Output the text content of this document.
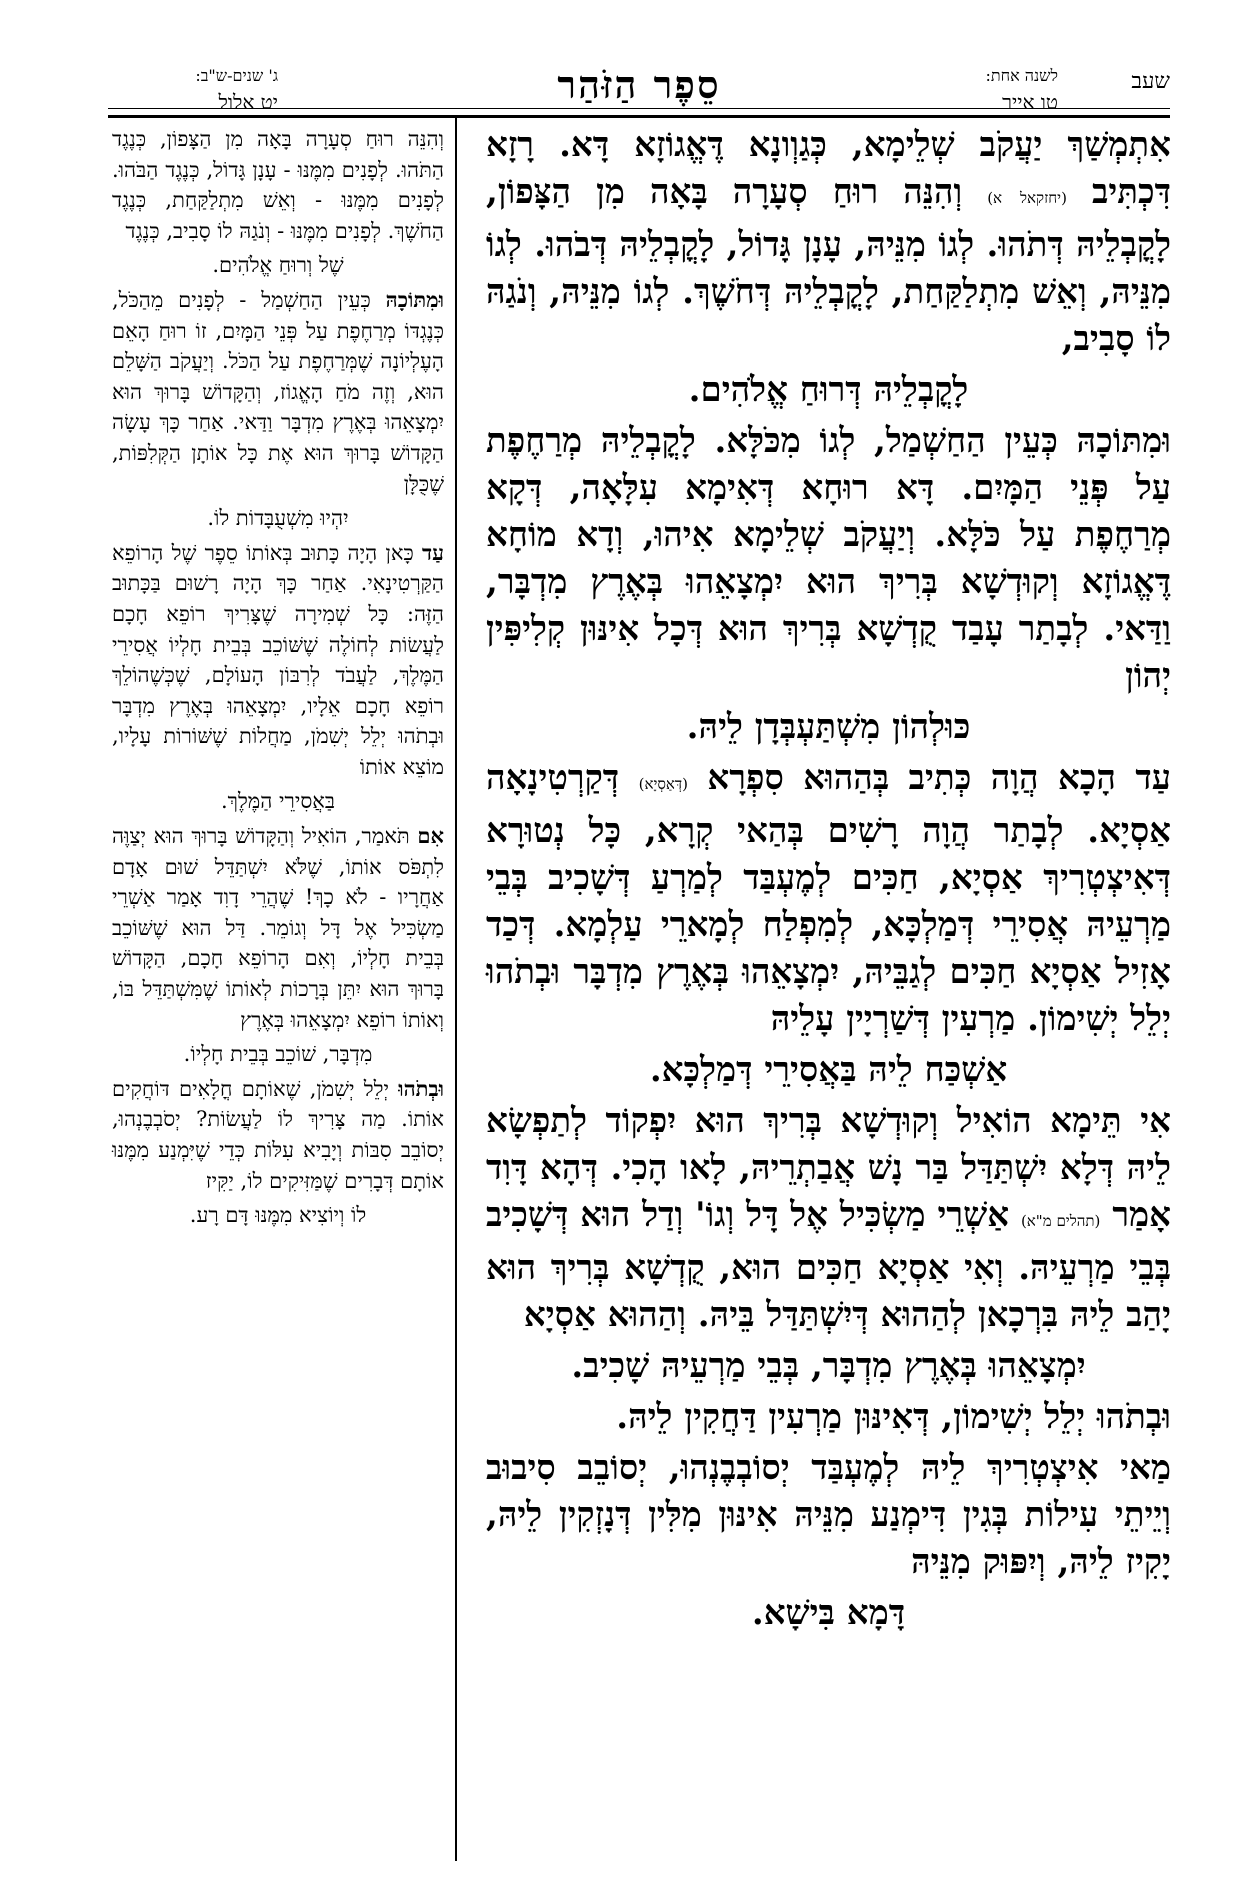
שעב
לשנה אחת:
טו אייר
סֵפֶר הַזֹּהַר
ג' שנים-ש"ב:
יט אלול

אִתְמְשַׁךְ יַעֲקֹב שְׁלֵימָא, כְּגַוְונָא דֶּאֱגוֹזָא דָּא. רָזָא דִּכְתִּיב (יחזקאל א) וְהִנֵּה רוּחַ סְעָרָה בָּאָה מִן הַצָּפוֹן, לָקֳבְלֵיהּ דְּתֹהוּ. לְגוֹ מִנֵּיהּ, עָנָן גָּדוֹל, לָקֳבְלֵיהּ דְּבֹהוּ. לְגוֹ מִנֵּיהּ, וְאֵשׁ מִתְלַקַּחַת, לָקֳבְלֵיהּ דְּחֹשֶׁךְ. לְגוֹ מִנֵּיהּ, וְנֹגַהּ לוֹ סָבִיב,

לָקֳבְלֵיהּ דְּרוּחַ אֱלֹהִים.

וּמִתּוֹכָהּ כְּעֵין הַחַשְׁמַל, לְגוֹ מִכֹּלָּא. לָקֳבְלֵיהּ מְרַחֶפֶת עַל פְּנֵי הַמָּיִם. דָּא רוּחָא דְּאִימָא עִלָּאָה, דְּקָא מְרַחֶפֶת עַל כֹּלָּא. וְיַעֲקֹב שְׁלֵימָא אִיהוּ, וְדָא מוֹחָא דֶּאֱגוֹזָא וְקוּדְשָׁא בְּרִיךְ הוּא יִמְצָאֵהוּ בְּאֶרֶץ מִדְבָּר, וַדַּאי. לְבָתַר עָבַד קֻדְשָׁא בְּרִיךְ הוּא דְּכָל אִינּוּן קְלִיפִּין יְהוֹן

כּוּלְהוֹן מִשְׁתַּעְבְּדָן לֵיהּ.

עַד הָכָא הֲוָה כְּתִיב בְּהַהוּא סִפְרָא (דְּאַסְיָא) דְּקַרְטִינָאָה אַסְיָא. לְבָתַר הֲוָה רָשִׁים בְּהַאי קְרָא, כָּל נְטוּרָא דְּאִיצְטְרִיךְ אַסְיָא, חַכִּים לְמֶעְבַּד לְמַרְעַ דְּשָׁכִיב בְּבֵי מַרְעֵיהּ אֲסִירֵי דְּמַלְכָּא, לְמִפְלַח לְמָארֵי עַלְמָא. דְּכַד אָזִיל אַסְיָא חַכִּים לְגַבֵּיהּ, יִמְצָאֵהוּ בְּאֶרֶץ מִדְבָּר וּבְתֹהוּ יְלֵל יְשִׁימוֹן. מַרְעִין דְּשַׁרְיָין עָלֵיהּ

אַשְׁכַּח לֵיהּ בַּאֲסִירֵי דְּמַלְכָּא.

אִי תֵּימָא הוֹאִיל וְקוּדְשָׁא בְּרִיךְ הוּא יִפְקוֹד לְתַפְשָׂא לֵיהּ דְּלָא יִשְׁתַּדַּל בַּר נָשׁ אֲבַתְרֵיהּ, לָאו הָכִי. דְּהָא דָּוִד אָמַר (תהלים מ"א) אַשְׁרֵי מַשְׂכִּיל אֶל דָּל וְגוֹ' וְדַל הוּא דְּשָׁכִיב בְּבֵי מַרְעֵיהּ. וְאִי אַסְיָא חַכִּים הוּא, קֻדְשָׁא בְּרִיךְ הוּא יָהַב לֵיהּ בִּרְכָאן לְהַהוּא דְּיִשְׁתַּדַּל בֵּיהּ. וְהַהוּא אַסְיָא

יִמְצָאֵהוּ בְּאֶרֶץ מִדְבָּר, בְּבֵי מַרְעֵיהּ שָׁכִיב.

וּבְתֹהוּ יְלֵל יְשִׁימוֹן, דְּאִינּוּן מַרְעִין דַּחֲקִין לֵיהּ.

מַאי אִיצְטְרִיךְ לֵיהּ לְמֶעְבַּד יְסוֹבְבֶנְהוּ, יְסוֹבֵב סִיבוּב וְיֵיתֵי עִילוֹת בְּגִין דִּימְנַע מִנֵּיהּ אִינּוּן מִלִּין דְּנָזְקִין לֵיהּ, יָקִיז לֵיהּ, וְיִפּוּק מִנֵּיהּ

דָּמָא בִּישָׁא.

וְהִנֵּה רוּחַ סְעָרָה בָּאָה מִן הַצָּפוֹן, כְּנֶגֶד הַתֹּהוּ. לְפָנִים מִמֶּנּוּ - עָנָן גָּדוֹל, כְּנֶגֶד הַבֹּהוּ. לְפָנִים מִמֶּנּוּ - וְאֵשׁ מִתְלַקַּחַת, כְּנֶגֶד הַחֹשֶׁךְ. לְפָנִים מִמֶּנּוּ - וְנֹגַהּ לוֹ סָבִיב, כְּנֶגֶד

שֶׁל וְרוּחַ אֱלֹהִים.

וּמִתּוֹכָהּ כְּעֵין הַחַשְׁמַל - לְפָנִים מֵהַכֹּל, כְּנֶגְדּוֹ מְרַחֶפֶת עַל פְּנֵי הַמָּיִם, זוֹ רוּחַ הָאֵם הָעֶלְיוֹנָה שֶׁמְּרַחֶפֶת עַל הַכֹּל. וְיַעֲקֹב הַשָּׁלֵם הוּא, וְזֶה מֹחַ הָאֱגוֹז, וְהַקָּדוֹשׁ בָּרוּךְ הוּא יִמְצָאֵהוּ בְּאֶרֶץ מִדְבָּר וַדַּאי. אַחַר כָּךְ עָשָׂה הַקָּדוֹשׁ בָּרוּךְ הוּא אֶת כָּל אוֹתָן הַקְּלִפּוֹת, שֶׁכֻּלָּן

יִהְיוּ מִשְׁעֻבָּדוֹת לוֹ.

עַד כָּאן הָיָה כָּתוּב בְּאוֹתוֹ סֵפֶר שֶׁל הָרוֹפֵא הַקַּרְטִינָאִי. אַחַר כָּךְ הָיָה רָשׁוּם בַּכָּתוּב הַזֶּה: כָּל שְׁמִירָה שֶׁצָּרִיךְ רוֹפֵא חָכָם לַעֲשׂוֹת לְחוֹלֶה שֶׁשּׁוֹכֵב בְּבֵית חָלְיוֹ אֲסִירֵי הַמֶּלֶךְ, לַעֲבֹד לְרִבּוֹן הָעוֹלָם, שֶׁכְּשֶׁהוֹלֵךְ רוֹפֵא חָכָם אֵלָיו, יִמְצָאֵהוּ בְּאֶרֶץ מִדְבָּר וּבְתֹהוּ יְלֵל יְשִׁמֹן, מַחֲלוֹת שֶׁשּׁוֹרוֹת עָלָיו, מוֹצֵא אוֹתוֹ

בַּאֲסִירֵי הַמֶּלֶךְ.

אִם תֹּאמַר, הוֹאִיל וְהַקָּדוֹשׁ בָּרוּךְ הוּא יְצַוֶּה לִתְפֹּס אוֹתוֹ, שֶׁלֹּא יִשְׁתַּדֵּל שׁוּם אָדָם אַחֲרָיו - לֹא כָךְ! שֶׁהֲרֵי דָוִד אָמַר אַשְׁרֵי מַשְׂכִּיל אֶל דָּל וְגוֹמֵר. דַּל הוּא שֶׁשּׁוֹכֵב בְּבֵית חָלְיוֹ, וְאִם הָרוֹפֵא חָכָם, הַקָּדוֹשׁ בָּרוּךְ הוּא יִתֵּן בְּרָכוֹת לְאוֹתוֹ שֶׁמִּשְׁתַּדֵּל בּוֹ, וְאוֹתוֹ רוֹפֵא יִמְצָאֵהוּ בְּאֶרֶץ

מִדְבָּר, שׁוֹכֵב בְּבֵית חָלְיוֹ.

וּבְתֹהוּ יְלֵל יְשִׁמֹן, שֶׁאוֹתָם חֳלָאִים דּוֹחֲקִים אוֹתוֹ. מַה צָּרִיךְ לוֹ לַעֲשׂוֹת? יְסֹבְבֶנְהוּ, יְסוֹבֵב סִבּוֹת וְיָבִיא עִלּוֹת כְּדֵי שֶׁיִּמְנַע מִמֶּנּוּ אוֹתָם דְּבָרִים שֶׁמַּזִּיקִים לוֹ, יַקִּיז

לוֹ וְיוֹצִיא מִמֶּנּוּ דָּם רָע.
